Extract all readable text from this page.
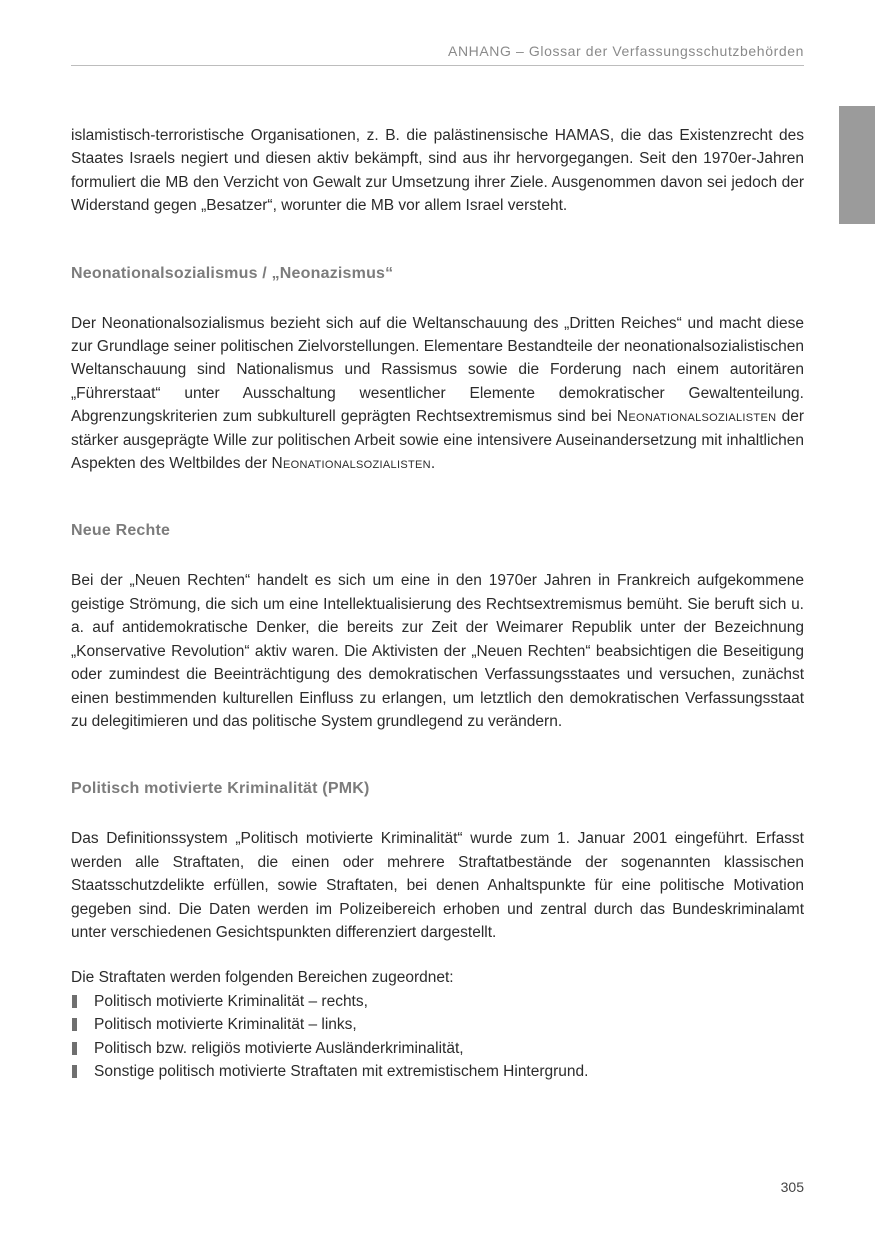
ANHANG – Glossar der Verfassungsschutzbehörden

islamistisch-terroristische Organisationen, z. B. die palästinensische HAMAS, die das Existenzrecht des Staates Israels negiert und diesen aktiv bekämpft, sind aus ihr hervorgegangen. Seit den 1970er-Jahren formuliert die MB den Verzicht von Gewalt zur Umsetzung ihrer Ziele. Ausgenommen davon sei jedoch der Widerstand gegen „Besatzer“, worunter die MB vor allem Israel versteht.

Neonationalsozialismus / „Neonazismus“

Der Neonationalsozialismus bezieht sich auf die Weltanschauung des „Dritten Reiches“ und macht diese zur Grundlage seiner politischen Zielvorstellungen. Elementare Bestandteile der neonationalsozialistischen Weltanschauung sind Nationalismus und Rassismus sowie die Forderung nach einem autoritären „Führerstaat“ unter Ausschaltung wesentlicher Elemente demokratischer Gewaltenteilung. Abgrenzungskriterien zum subkulturell geprägten Rechtsextremismus sind bei Neonationalsozialisten der stärker ausgeprägte Wille zur politischen Arbeit sowie eine intensivere Auseinandersetzung mit inhaltlichen Aspekten des Weltbildes der Neonationalsozialisten.

Neue Rechte

Bei der „Neuen Rechten“ handelt es sich um eine in den 1970er Jahren in Frankreich aufgekommene geistige Strömung, die sich um eine Intellektualisierung des Rechtsextremismus bemüht. Sie beruft sich u. a. auf antidemokratische Denker, die bereits zur Zeit der Weimarer Republik unter der Bezeichnung „Konservative Revolution“ aktiv waren. Die Aktivisten der „Neuen Rechten“ beabsichtigen die Beseitigung oder zumindest die Beeinträchtigung des demokratischen Verfassungsstaates und versuchen, zunächst einen bestimmenden kulturellen Einfluss zu erlangen, um letztlich den demokratischen Verfassungsstaat zu delegitimieren und das politische System grundlegend zu verändern.

Politisch motivierte Kriminalität (PMK)

Das Definitionssystem „Politisch motivierte Kriminalität“ wurde zum 1. Januar 2001 eingeführt. Erfasst werden alle Straftaten, die einen oder mehrere Straftatbestände der sogenannten klassischen Staatsschutzdelikte erfüllen, sowie Straftaten, bei denen Anhaltspunkte für eine politische Motivation gegeben sind. Die Daten werden im Polizeibereich erhoben und zentral durch das Bundeskriminalamt unter verschiedenen Gesichtspunkten differenziert dargestellt.

Die Straftaten werden folgenden Bereichen zugeordnet:

Politisch motivierte Kriminalität – rechts,
Politisch motivierte Kriminalität – links,
Politisch bzw. religiös motivierte Ausländerkriminalität,
Sonstige politisch motivierte Straftaten mit extremistischem Hintergrund.
305
